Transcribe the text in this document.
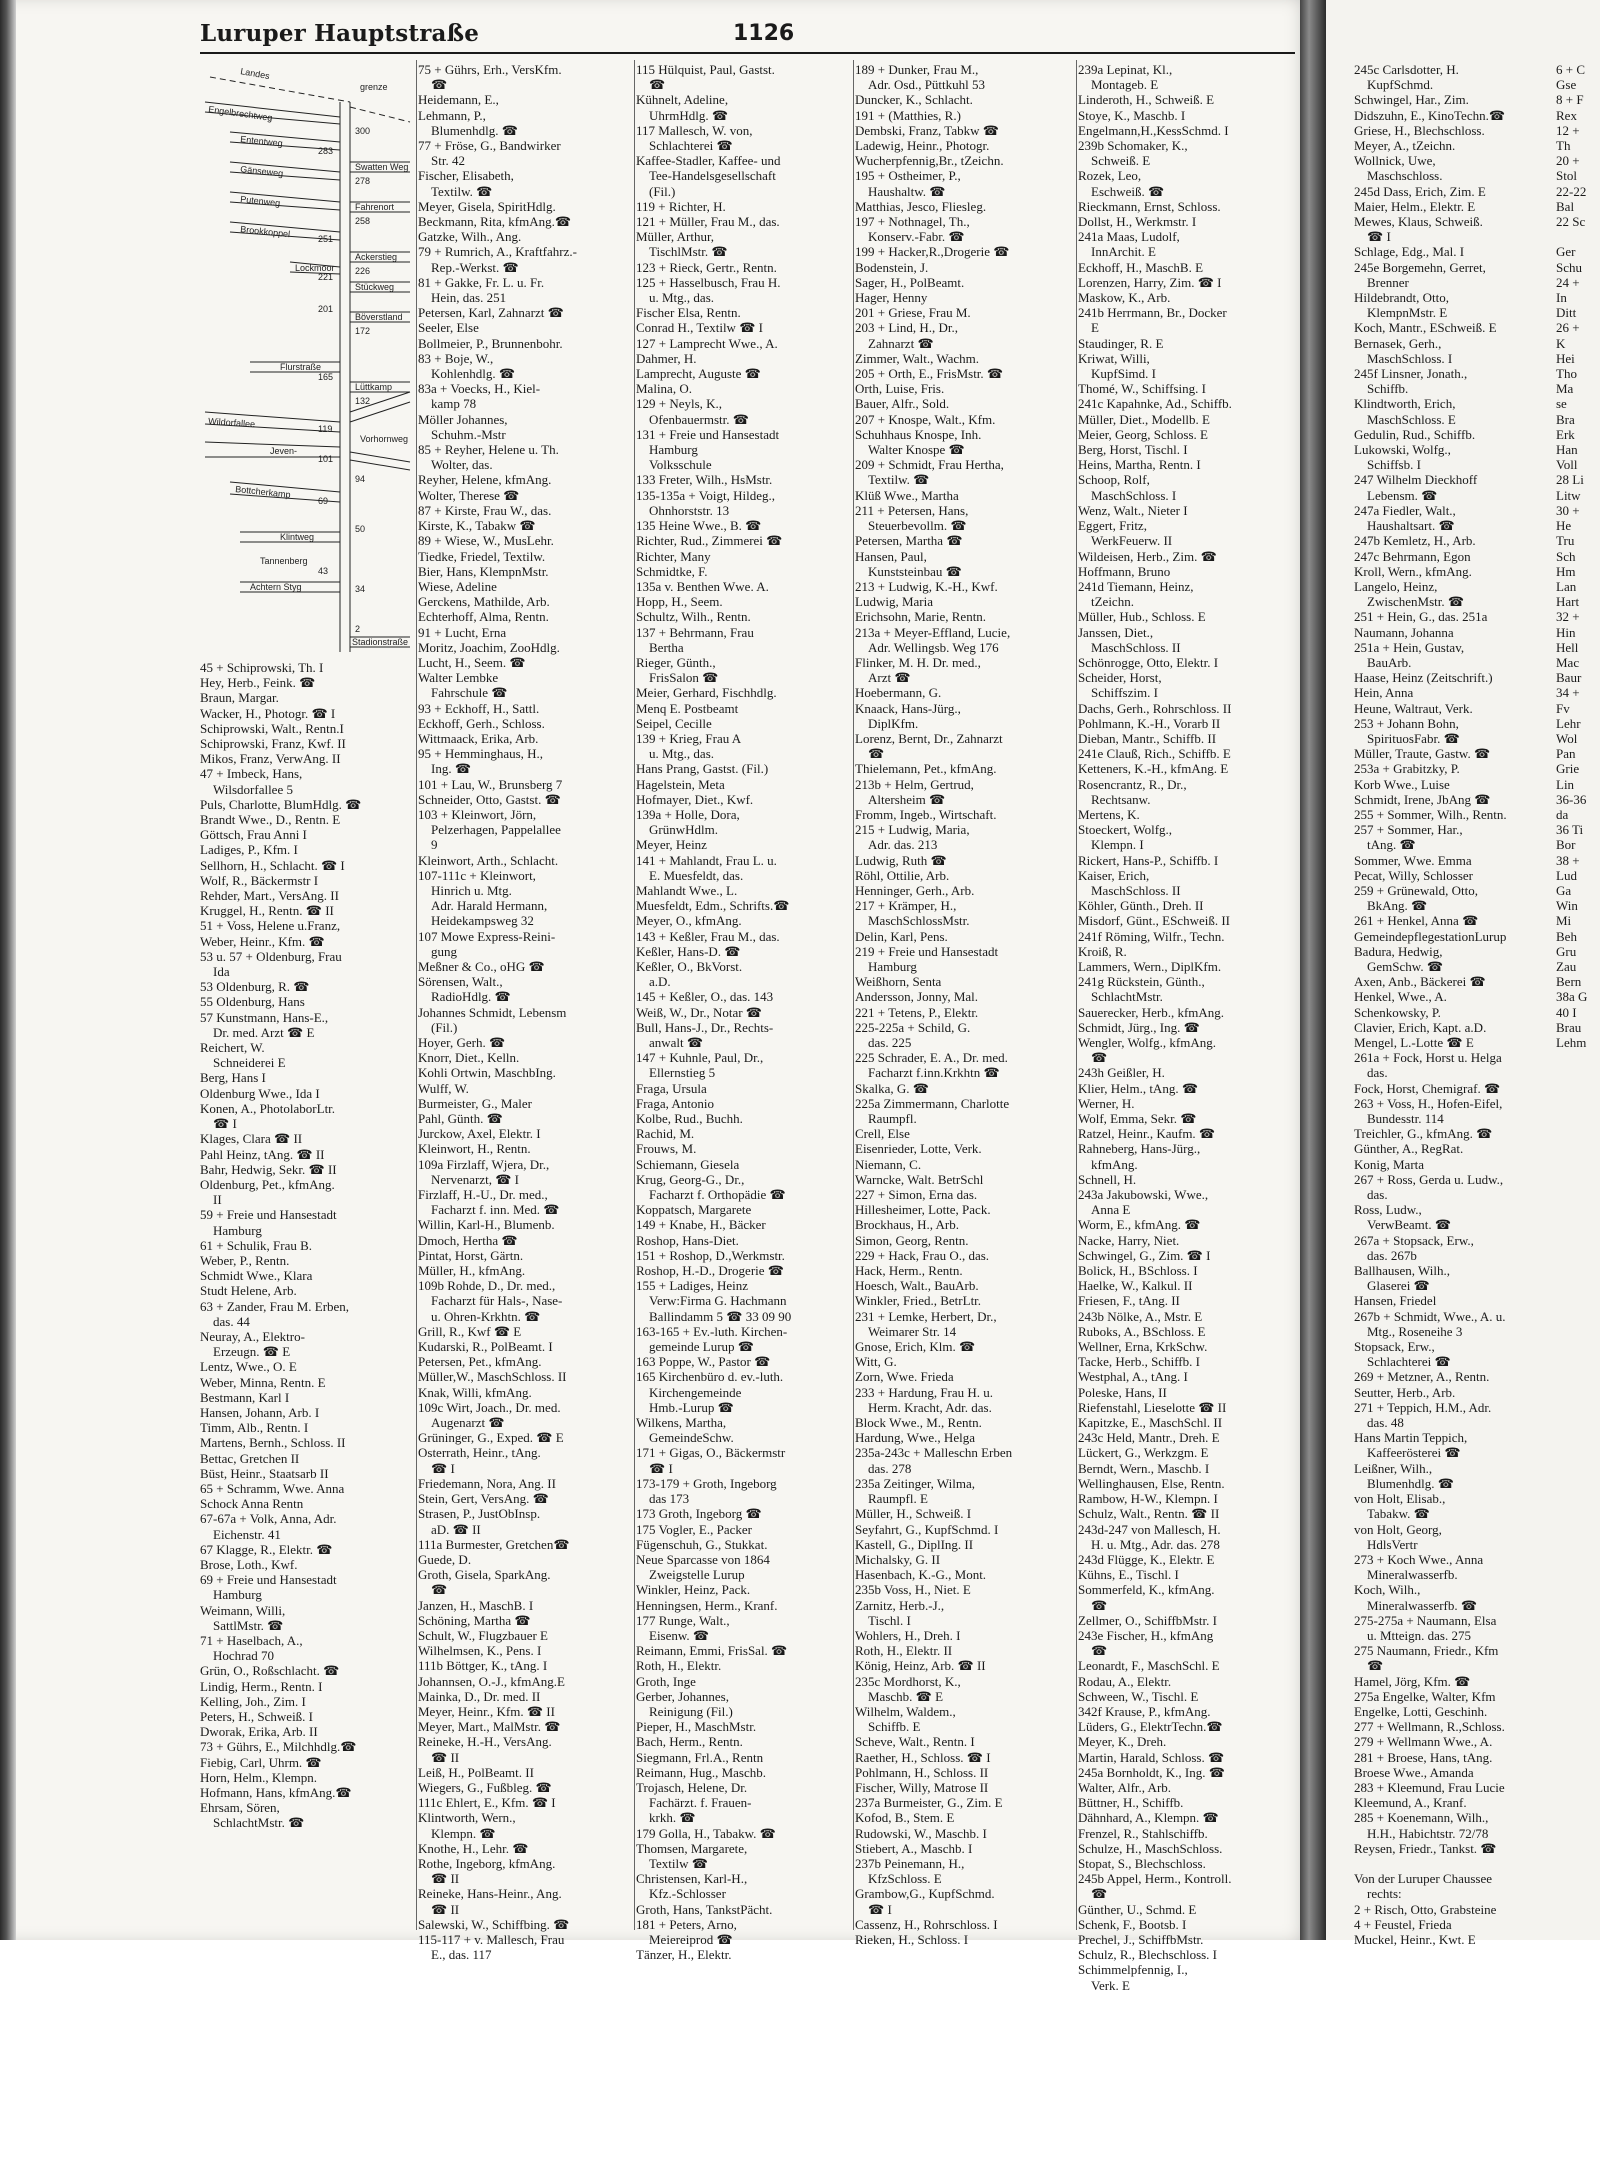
245c Carlsdotter, H.
 KupfSchmd.
Schwingel, Har., Zim.
Didszuhn, E., KinoTechn.☎
Griese, H., Blechschloss.
Meyer, A., tZeichn.
Wollnick, Uwe,
 Maschschloss.
245d Dass, Erich, Zim. E
Maier, Helm., Elektr. E
Mewes, Klaus, Schweiß.
 ☎ I
Schlage, Edg., Mal. I
245e Borgemehn, Gerret,
 Brenner
Hildebrandt, Otto,
 KlempnMstr. E
Koch, Mantr., ESchweiß. E
Bernasek, Gerh.,
 MaschSchloss. I
245f Linsner, Jonath.,
 Schiffb.
Klindtworth, Erich,
 MaschSchloss. E
Gedulin, Rud., Schiffb.
Lukowski, Wolfg.,
 Schiffsb. I
247 Wilhelm Dieckhoff
 Lebensm. ☎
247a Fiedler, Walt.,
 Haushaltsart. ☎
247b Kemletz, H., Arb.
247c Behrmann, Egon
Kroll, Wern., kfmAng.
Langelo, Heinz,
 ZwischenMstr. ☎
251 + Hein, G., das. 251a
Naumann, Johanna
251a + Hein, Gustav,
 BauArb.
Haase, Heinz (Zeitschrift.)
Hein, Anna
Heune, Waltraut, Verk.
253 + Johann Bohn,
 SpirituosFabr. ☎
Müller, Traute, Gastw. ☎
253a + Grabitzky, P.
Korb Wwe., Luise
Schmidt, Irene, JbAng ☎
255 + Sommer, Wilh., Rentn.
257 + Sommer, Har.,
 tAng. ☎
Sommer, Wwe. Emma
Pecat, Willy, Schlosser
259 + Grünewald, Otto,
 BkAng. ☎
261 + Henkel, Anna ☎
GemeindepflegestationLurup
Badura, Hedwig,
 GemSchw. ☎
Axen, Anb., Bäckerei ☎
Henkel, Wwe., A.
Schenkowsky, P.
Clavier, Erich, Kapt. a.D.
Mengel, L.-Lotte ☎ E
261a + Fock, Horst u. Helga
 das.
Fock, Horst, Chemigraf. ☎
263 + Voss, H., Hofen-Eifel,
 Bundesstr. 114
Treichler, G., kfmAng. ☎
Günther, A., RegRat.
Konig, Marta
267 + Ross, Gerda u. Ludw.,
 das.
Ross, Ludw.,
 VerwBeamt. ☎
267a + Stopsack, Erw.,
 das. 267b
Ballhausen, Wilh.,
 Glaserei ☎
Hansen, Friedel
267b + Schmidt, Wwe., A. u.
 Mtg., Roseneihe 3
Stopsack, Erw.,
 Schlachterei ☎
269 + Metzner, A., Rentn.
Seutter, Herb., Arb.
271 + Teppich, H.M., Adr.
 das. 48
Hans Martin Teppich,
 Kaffeerösterei ☎
Leißner, Wilh.,
 Blumenhdlg. ☎
von Holt, Elisab.,
 Tabakw. ☎
von Holt, Georg,
 HdlsVertr
273 + Koch Wwe., Anna
 Mineralwasserfb.
Koch, Wilh.,
 Mineralwasserfb. ☎
275-275a + Naumann, Elsa
 u. Mtteign. das. 275
275 Naumann, Friedr., Kfm
 ☎
Hamel, Jörg, Kfm. ☎
275a Engelke, Walter, Kfm
Engelke, Lotti, Geschinh.
277 + Wellmann, R.,Schloss.
279 + Wellmann Wwe., A.
281 + Broese, Hans, tAng.
Broese Wwe., Amanda
283 + Kleemund, Frau Lucie
Kleemund, A., Kranf.
285 + Koenemann, Wilh.,
 H.H., Habichtstr. 72/78
Reysen, Friedr., Tankst. ☎

Von der Luruper Chaussee
 rechts:
2 + Risch, Otto, Grabsteine
4 + Feustel, Frieda
Muckel, Heinr., Kwt. E
6 + C
Gse
8 + F
Rex
12 +
Th
20 +
Stol
22-22
Bal
22 Sc

Ger
Schu
24 +
In
Ditt
26 +
K
Hei
Tho
Ma
se
Bra
Erk
Han
Voll
28 Li
Litw
30 +
He
Tru
Sch
Hm
Lan
Hart
32 +
Hin
Hell
Mac
Baur
34 +
Fv
Lehr
Wol
Pan
Grie
Lin
36-36
da
36 Ti
Bor
38 +
Lud
Ga
Win
Mi
Beh
Gru
Zau
Bern
38a G
40 I
Brau
Lehm
Luruper Hauptstraße	1126
Landes
grenze
Engelbrechtweg
Ententweg
Gänseweg
Putenweg
Brookkoppel
Lockmoor
Flurstraße
Wildorfallee
Jeven-
Bottcherkamp
Klintweg
Tannenberg
Achtern Styg
Swatten Weg
Fahrenort
Ackerstieg
Stückweg
Böverstland
Lüttkamp
Vorhornweg
Stadionstraße
300
283
278
258
251
226
221
201
172
165
132
119
101
94
69
50
43
34
2
45 + Schiprowski, Th. I
Hey, Herb., Feink. ☎
Braun, Margar.
Wacker, H., Photogr. ☎ I
Schiprowski, Walt., Rentn.I
Schiprowski, Franz, Kwf. II
Mikos, Franz, VerwAng. II
47 + Imbeck, Hans,
 Wilsdorfallee 5
Puls, Charlotte, BlumHdlg. ☎
Brandt Wwe., D., Rentn. E
Göttsch, Frau Anni I
Ladiges, P., Kfm. I
Sellhorn, H., Schlacht. ☎ I
Wolf, R., Bäckermstr I
Rehder, Mart., VersAng. II
Kruggel, H., Rentn. ☎ II
51 + Voss, Helene u.Franz,
Weber, Heinr., Kfm. ☎
53 u. 57 + Oldenburg, Frau
 Ida
53 Oldenburg, R. ☎
55 Oldenburg, Hans
57 Kunstmann, Hans-E.,
 Dr. med. Arzt ☎ E
Reichert, W.
 Schneiderei E
Berg, Hans I
Oldenburg Wwe., Ida I
Konen, A., PhotolaborLtr.
 ☎ I
Klages, Clara ☎ II
Pahl Heinz, tAng. ☎ II
Bahr, Hedwig, Sekr. ☎ II
Oldenburg, Pet., kfmAng.
 II
59 + Freie und Hansestadt
 Hamburg
61 + Schulik, Frau B.
Weber, P., Rentn.
Schmidt Wwe., Klara
Studt Helene, Arb.
63 + Zander, Frau M. Erben,
 das. 44
Neuray, A., Elektro-
 Erzeugn. ☎ E
Lentz, Wwe., O. E
Weber, Minna, Rentn. E
Bestmann, Karl I
Hansen, Johann, Arb. I
Timm, Alb., Rentn. I
Martens, Bernh., Schloss. II
Bettac, Gretchen II
Büst, Heinr., Staatsarb II
65 + Schramm, Wwe. Anna
Schock Anna Rentn
67-67a + Volk, Anna, Adr.
 Eichenstr. 41
67 Klagge, R., Elektr. ☎
Brose, Loth., Kwf.
69 + Freie und Hansestadt
 Hamburg
Weimann, Willi,
 SattlMstr. ☎
71 + Haselbach, A.,
 Hochrad 70
Grün, O., Roßschlacht. ☎
Lindig, Herm., Rentn. I
Kelling, Joh., Zim. I
Peters, H., Schweiß. I
Dworak, Erika, Arb. II
73 + Gührs, E., Milchhdlg.☎
Fiebig, Carl, Uhrm. ☎
Horn, Helm., Klempn.
Hofmann, Hans, kfmAng.☎
Ehrsam, Sören,
 SchlachtMstr. ☎
75 + Gührs, Erh., VersKfm.
 ☎
Heidemann, E.,
Lehmann, P.,
 Blumenhdlg. ☎
77 + Fröse, G., Bandwirker
 Str. 42
Fischer, Elisabeth,
 Textilw. ☎
Meyer, Gisela, SpiritHdlg.
Beckmann, Rita, kfmAng.☎
Gatzke, Wilh., Ang.
79 + Rumrich, A., Kraftfahrz.-
 Rep.-Werkst. ☎
81 + Gakke, Fr. L. u. Fr.
 Hein, das. 251
Petersen, Karl, Zahnarzt ☎
Seeler, Else
Bollmeier, P., Brunnenbohr.
83 + Boje, W.,
 Kohlenhdlg. ☎
83a + Voecks, H., Kiel-
 kamp 78
Möller Johannes,
 Schuhm.-Mstr
85 + Reyher, Helene u. Th.
 Wolter, das.
Reyher, Helene, kfmAng.
Wolter, Therese ☎
87 + Kirste, Frau W., das.
Kirste, K., Tabakw ☎
89 + Wiese, W., MusLehr.
Tiedke, Friedel, Textilw.
Bier, Hans, KlempnMstr.
Wiese, Adeline
Gerckens, Mathilde, Arb.
Echterhoff, Alma, Rentn.
91 + Lucht, Erna
Moritz, Joachim, ZooHdlg.
Lucht, H., Seem. ☎
Walter Lembke
 Fahrschule ☎
93 + Eckhoff, H., Sattl.
Eckhoff, Gerh., Schloss.
Wittmaack, Erika, Arb.
95 + Hemminghaus, H.,
 Ing. ☎
101 + Lau, W., Brunsberg 7
Schneider, Otto, Gastst. ☎
103 + Kleinwort, Jörn,
 Pelzerhagen, Pappelallee
 9
Kleinwort, Arth., Schlacht.
107-111c + Kleinwort,
 Hinrich u. Mtg.
 Adr. Harald Hermann,
 Heidekampsweg 32
107 Mowe Express-Reini-
 gung
Meßner & Co., oHG ☎
Sörensen, Walt.,
 RadioHdlg. ☎
Johannes Schmidt, Lebensm
 (Fil.)
Hoyer, Gerh. ☎
Knorr, Diet., Kelln.
Kohli Ortwin, MaschbIng.
Wulff, W.
Burmeister, G., Maler
Pahl, Günth. ☎
Jurckow, Axel, Elektr. I
Kleinwort, H., Rentn.
109a Firzlaff, Wjera, Dr.,
 Nervenarzt, ☎ I
Firzlaff, H.-U., Dr. med.,
 Facharzt f. inn. Med. ☎
Willin, Karl-H., Blumenb.
Dmoch, Hertha ☎
Pintat, Horst, Gärtn.
Müller, H., kfmAng.
109b Rohde, D., Dr. med.,
 Facharzt für Hals-, Nase-
 u. Ohren-Krkhtn. ☎
Grill, R., Kwf ☎ E
Kudarski, R., PolBeamt. I
Petersen, Pet., kfmAng.
Müller,W., MaschSchloss. II
Knak, Willi, kfmAng.
109c Wirt, Joach., Dr. med.
 Augenarzt ☎
Grüninger, G., Exped. ☎ E
Osterrath, Heinr., tAng.
 ☎ I
Friedemann, Nora, Ang. II
Stein, Gert, VersAng. ☎
Strasen, P., JustObInsp.
 aD. ☎ II
111a Burmester, Gretchen☎
Guede, D.
Groth, Gisela, SparkAng.
 ☎
Janzen, H., MaschB. I
Schöning, Martha ☎
Schult, W., Flugzbauer E
Wilhelmsen, K., Pens. I
111b Böttger, K., tAng. I
Johannsen, O.-J., kfmAng.E
Mainka, D., Dr. med. II
Meyer, Heinr., Kfm. ☎ II
Meyer, Mart., MalMstr. ☎
Reineke, H.-H., VersAng.
 ☎ II
Leiß, H., PolBeamt. II
Wiegers, G., Fußbleg. ☎
111c Ehlert, E., Kfm. ☎ I
Klintworth, Wern.,
 Klempn. ☎
Knothe, H., Lehr. ☎
Rothe, Ingeborg, kfmAng.
 ☎ II
Reineke, Hans-Heinr., Ang.
 ☎ II
Salewski, W., Schiffbing. ☎
115-117 + v. Mallesch, Frau
 E., das. 117
115 Hülquist, Paul, Gastst.
 ☎
Kühnelt, Adeline,
 UhrmHdlg. ☎
117 Mallesch, W. von,
 Schlachterei ☎
Kaffee-Stadler, Kaffee- und
 Tee-Handelsgesellschaft
 (Fil.)
119 + Richter, H.
121 + Müller, Frau M., das.
Müller, Arthur,
 TischlMstr. ☎
123 + Rieck, Gertr., Rentn.
125 + Hasselbusch, Frau H.
 u. Mtg., das.
Fischer Elsa, Rentn.
Conrad H., Textilw ☎ I
127 + Lamprecht Wwe., A.
Dahmer, H.
Lamprecht, Auguste ☎
Malina, O.
129 + Neyls, K.,
 Ofenbauermstr. ☎
131 + Freie und Hansestadt
 Hamburg
 Volksschule
133 Freter, Wilh., HsMstr.
135-135a + Voigt, Hildeg.,
 Ohnhorststr. 13
135 Heine Wwe., B. ☎
Richter, Rud., Zimmerei ☎
Richter, Many
Schmidtke, F.
135a v. Benthen Wwe. A.
Hopp, H., Seem.
Schultz, Wilh., Rentn.
137 + Behrmann, Frau
 Bertha
Rieger, Günth.,
 FrisSalon ☎
Meier, Gerhard, Fischhdlg.
Menq E. Postbeamt
Seipel, Cecille
139 + Krieg, Frau A
 u. Mtg., das.
Hans Prang, Gastst. (Fil.)
Hagelstein, Meta
Hofmayer, Diet., Kwf.
139a + Holle, Dora,
 GrünwHdlm.
Meyer, Heinz
141 + Mahlandt, Frau L. u.
 E. Muesfeldt, das.
Mahlandt Wwe., L.
Muesfeldt, Edm., Schrifts.☎
Meyer, O., kfmAng.
143 + Keßler, Frau M., das.
Keßler, Hans-D. ☎
Keßler, O., BkVorst.
 a.D.
145 + Keßler, O., das. 143
Weiß, W., Dr., Notar ☎
Bull, Hans-J., Dr., Rechts-
 anwalt ☎
147 + Kuhnle, Paul, Dr.,
 Ellernstieg 5
Fraga, Ursula
Fraga, Antonio
Kolbe, Rud., Buchh.
Rachid, M.
Frouws, M.
Schiemann, Giesela
Krug, Georg-G., Dr.,
 Facharzt f. Orthopädie ☎
Koppatsch, Margarete
149 + Knabe, H., Bäcker
Roshop, Hans-Diet.
151 + Roshop, D.,Werkmstr.
Roshop, H.-D., Drogerie ☎
155 + Ladiges, Heinz
 Verw:Firma G. Hachmann
 Ballindamm 5 ☎ 33 09 90
163-165 + Ev.-luth. Kirchen-
 gemeinde Lurup ☎
163 Poppe, W., Pastor ☎
165 Kirchenbüro d. ev.-luth.
 Kirchengemeinde
 Hmb.-Lurup ☎
Wilkens, Martha,
 GemeindeSchw.
171 + Gigas, O., Bäckermstr
 ☎ I
173-179 + Groth, Ingeborg
 das 173
173 Groth, Ingeborg ☎
175 Vogler, E., Packer
Fügenschuh, G., Stukkat.
Neue Sparcasse von 1864
 Zweigstelle Lurup
Winkler, Heinz, Pack.
Henningsen, Herm., Kranf.
177 Runge, Walt.,
 Eisenw. ☎
Reimann, Emmi, FrisSal. ☎
Roth, H., Elektr.
Groth, Inge
Gerber, Johannes,
 Reinigung (Fil.)
Pieper, H., MaschMstr.
Bach, Herm., Rentn.
Siegmann, Frl.A., Rentn
Reimann, Hug., Maschb.
Trojasch, Helene, Dr.
 Fachärzt. f. Frauen-
 krkh. ☎
179 Golla, H., Tabakw. ☎
Thomsen, Margarete,
 Textilw ☎
Christensen, Karl-H.,
 Kfz.-Schlosser
Groth, Hans, TankstPächt.
181 + Peters, Arno,
 Meiereiprod ☎
Tänzer, H., Elektr.
189 + Dunker, Frau M.,
 Adr. Osd., Püttkuhl 53
Duncker, K., Schlacht.
191 + (Matthies, R.)
Dembski, Franz, Tabkw ☎
Ladewig, Heinr., Photogr.
Wucherpfennig,Br., tZeichn.
195 + Ostheimer, P.,
 Haushaltw. ☎
Matthias, Jesco, Fliesleg.
197 + Nothnagel, Th.,
 Konserv.-Fabr. ☎
199 + Hacker,R.,Drogerie ☎
Bodenstein, J.
Sager, H., PolBeamt.
Hager, Henny
201 + Griese, Frau M.
203 + Lind, H., Dr.,
 Zahnarzt ☎
Zimmer, Walt., Wachm.
205 + Orth, E., FrisMstr. ☎
Orth, Luise, Fris.
Bauer, Alfr., Sold.
207 + Knospe, Walt., Kfm.
Schuhhaus Knospe, Inh.
 Walter Knospe ☎
209 + Schmidt, Frau Hertha,
 Textilw. ☎
Klüß Wwe., Martha
211 + Petersen, Hans,
 Steuerbevollm. ☎
Petersen, Martha ☎
Hansen, Paul,
 Kunststeinbau ☎
213 + Ludwig, K.-H., Kwf.
Ludwig, Maria
Erichsohn, Marie, Rentn.
213a + Meyer-Effland, Lucie,
 Adr. Wellingsb. Weg 176
Flinker, M. H. Dr. med.,
 Arzt ☎
Hoebermann, G.
Knaack, Hans-Jürg.,
 DiplKfm.
Lorenz, Bernt, Dr., Zahnarzt
 ☎
Thielemann, Pet., kfmAng.
213b + Helm, Gertrud,
 Altersheim ☎
Fromm, Ingeb., Wirtschaft.
215 + Ludwig, Maria,
 Adr. das. 213
Ludwig, Ruth ☎
Röhl, Ottilie, Arb.
Henninger, Gerh., Arb.
217 + Krämper, H.,
 MaschSchlossMstr.
Delin, Karl, Pens.
219 + Freie und Hansestadt
 Hamburg
Weißhorn, Senta
Andersson, Jonny, Mal.
221 + Tetens, P., Elektr.
225-225a + Schild, G.
 das. 225
225 Schrader, E. A., Dr. med.
 Facharzt f.inn.Krkhtn ☎
Skalka, G. ☎
225a Zimmermann, Charlotte
 Raumpfl.
Crell, Else
Eisenrieder, Lotte, Verk.
Niemann, C.
Warncke, Walt. BetrSchl
227 + Simon, Erna das.
Hillesheimer, Lotte, Pack.
Brockhaus, H., Arb.
Simon, Georg, Rentn.
229 + Hack, Frau O., das.
Hack, Herm., Rentn.
Hoesch, Walt., BauArb.
Winkler, Fried., BetrLtr.
231 + Lemke, Herbert, Dr.,
 Weimarer Str. 14
Gnose, Erich, Klm. ☎
Witt, G.
Zorn, Wwe. Frieda
233 + Hardung, Frau H. u.
 Herm. Kracht, Adr. das.
Block Wwe., M., Rentn.
Hardung, Wwe., Helga
235a-243c + Malleschn Erben
 das. 278
235a Zeitinger, Wilma,
 Raumpfl. E
Müller, H., Schweiß. I
Seyfahrt, G., KupfSchmd. I
Kastell, G., DiplIng. II
Michalsky, G. II
Hasenbach, K.-G., Mont.
235b Voss, H., Niet. E
Zarnitz, Herb.-J.,
 Tischl. I
Wohlers, H., Dreh. I
Roth, H., Elektr. II
König, Heinz, Arb. ☎ II
235c Mordhorst, K.,
 Maschb. ☎ E
Wilhelm, Waldem.,
 Schiffb. E
Scheve, Walt., Rentn. I
Raether, H., Schloss. ☎ I
Pohlmann, H., Schloss. II
Fischer, Willy, Matrose II
237a Burmeister, G., Zim. E
Kofod, B., Stem. E
Rudowski, W., Maschb. I
Stiebert, A., Maschb. I
237b Peinemann, H.,
 KfzSchloss. E
Grambow,G., KupfSchmd.
 ☎ I
Cassenz, H., Rohrschloss. I
Rieken, H., Schloss. I
239a Lepinat, Kl.,
 Montageb. E
Linderoth, H., Schweiß. E
Stoye, K., Maschb. I
Engelmann,H.,KessSchmd. I
239b Schomaker, K.,
 Schweiß. E
Rozek, Leo,
 Eschweiß. ☎
Rieckmann, Ernst, Schloss.
Dollst, H., Werkmstr. I
241a Maas, Ludolf,
 InnArchit. E
Eckhoff, H., MaschB. E
Lorenzen, Harry, Zim. ☎ I
Maskow, K., Arb.
241b Herrmann, Br., Docker
 E
Staudinger, R. E
Kriwat, Willi,
 KupfSimd. I
Thomé, W., Schiffsing. I
241c Kapahnke, Ad., Schiffb.
Müller, Diet., Modellb. E
Meier, Georg, Schloss. E
Berg, Horst, Tischl. I
Heins, Martha, Rentn. I
Schoop, Rolf,
 MaschSchloss. I
Wenz, Walt., Nieter I
Eggert, Fritz,
 WerkFeuerw. II
Wildeisen, Herb., Zim. ☎
Hoffmann, Bruno
241d Tiemann, Heinz,
 tZeichn.
Müller, Hub., Schloss. E
Janssen, Diet.,
 MaschSchloss. II
Schönrogge, Otto, Elektr. I
Scheider, Horst,
 Schiffszim. I
Dachs, Gerh., Rohrschloss. II
Pohlmann, K.-H., Vorarb II
Dieban, Mantr., Schiffb. II
241e Clauß, Rich., Schiffb. E
Ketteners, K.-H., kfmAng. E
Rosencrantz, R., Dr.,
 Rechtsanw.
Mertens, K.
Stoeckert, Wolfg.,
 Klempn. I
Rickert, Hans-P., Schiffb. I
Kaiser, Erich,
 MaschSchloss. II
Köhler, Günth., Dreh. II
Misdorf, Günt., ESchweiß. II
241f Röming, Wilfr., Techn.
Kroiß, R.
Lammers, Wern., DiplKfm.
241g Rückstein, Günth.,
 SchlachtMstr.
Sauerecker, Herb., kfmAng.
Schmidt, Jürg., Ing. ☎
Wengler, Wolfg., kfmAng.
 ☎
243h Geißler, H.
Klier, Helm., tAng. ☎
Werner, H.
Wolf, Emma, Sekr. ☎
Ratzel, Heinr., Kaufm. ☎
Rahneberg, Hans-Jürg.,
 kfmAng.
Schnell, H.
243a Jakubowski, Wwe.,
 Anna E
Worm, E., kfmAng. ☎
Nacke, Harry, Niet.
Schwingel, G., Zim. ☎ I
Bolick, H., BSchloss. I
Haelke, W., Kalkul. II
Friesen, F., tAng. II
243b Nölke, A., Mstr. E
Ruboks, A., BSchloss. E
Wellner, Erna, KrkSchw.
Tacke, Herb., Schiffb. I
Westphal, A., tAng. I
Poleske, Hans, II
Riefenstahl, Lieselotte ☎ II
Kapitzke, E., MaschSchl. II
243c Held, Mantr., Dreh. E
Lückert, G., Werkzgm. E
Berndt, Wern., Maschb. I
Wellinghausen, Else, Rentn.
Rambow, H-W., Klempn. I
Schulz, Walt., Rentn. ☎ II
243d-247 von Mallesch, H.
 H. u. Mtg., Adr. das. 278
243d Flügge, K., Elektr. E
Kühns, E., Tischl. I
Sommerfeld, K., kfmAng.
 ☎
Zellmer, O., SchiffbMstr. I
243e Fischer, H., kfmAng
 ☎
Leonardt, F., MaschSchl. E
Rodau, A., Elektr.
Schween, W., Tischl. E
342f Krause, P., kfmAng.
Lüders, G., ElektrTechn.☎
Meyer, K., Dreh.
Martin, Harald, Schloss. ☎
245a Bornholdt, K., Ing. ☎
Walter, Alfr., Arb.
Büttner, H., Schiffb.
Dähnhard, A., Klempn. ☎
Frenzel, R., Stahlschiffb.
Schulze, H., MaschSchloss.
Stopat, S., Blechschloss.
245b Appel, Herm., Kontroll.
 ☎
Günther, U., Schmd. E
Schenk, F., Bootsb. I
Prechel, J., SchiffbMstr.
Schulz, R., Blechschloss. I
Schimmelpfennig, I.,
 Verk. E
